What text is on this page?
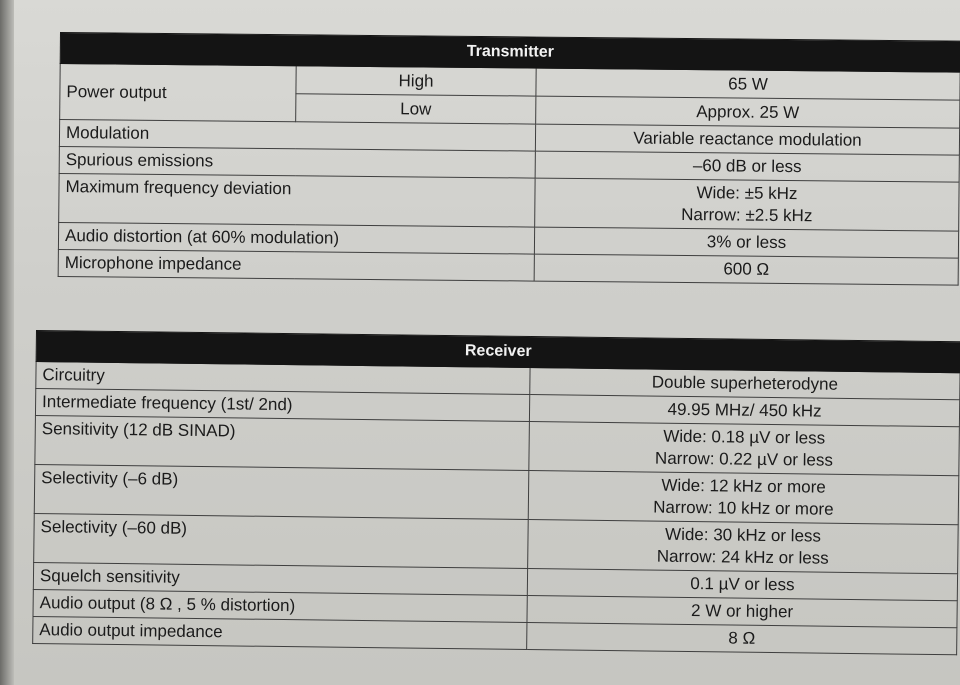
Transmitter		
Power output	High	65 W
	Low	Approx. 25 W
Modulation		Variable reactance modulation

Spurious emissions		–60 dB or less

Maximum frequency deviation		Wide: ±5 kHz
Narrow: ±2.5 kHz

Audio distortion (at 60% modulation)		3% or less

Microphone impedance		600 Ω
Receiver	
Circuitry	Double superheterodyne

Intermediate frequency (1st/ 2nd)	49.95 MHz/ 450 kHz

Sensitivity (12 dB SINAD)	Wide: 0.18 µV or less
Narrow: 0.22 µV or less

Selectivity (–6 dB)	Wide: 12 kHz or more
Narrow: 10 kHz or more

Selectivity (–60 dB)	Wide: 30 kHz or less
Narrow: 24 kHz or less

Squelch sensitivity	0.1 µV or less

Audio output (8 Ω , 5 % distortion)	2 W or higher

Audio output impedance	8 Ω
